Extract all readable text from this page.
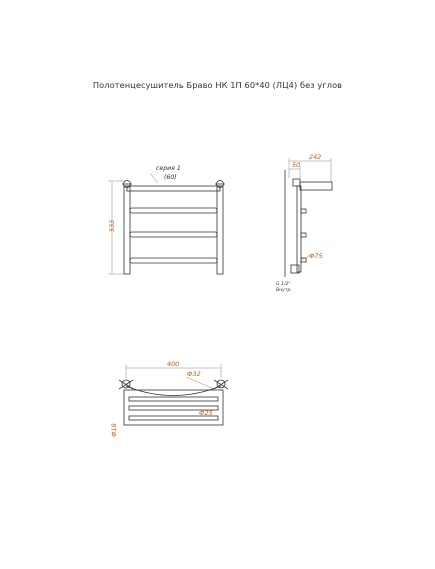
Полотенцесушитель Браво НК 1П 60*40 (ЛЦ4) без углов
серия 1
(60)
533
242
50
Ф75
G 1/2"
Внутр.
400
Ф32
Ф25
Ф18
